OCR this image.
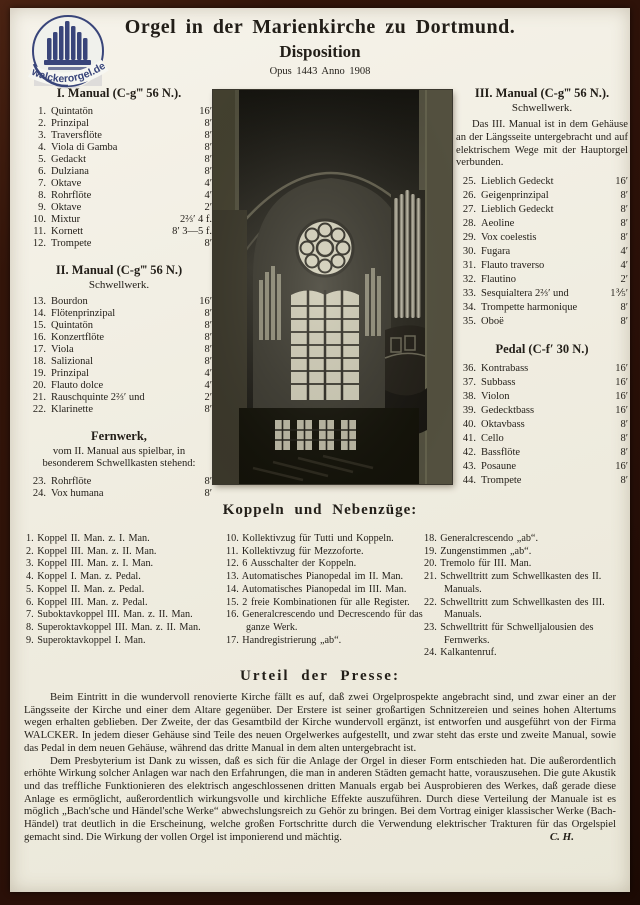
walckerorgel.de
Orgel in der Marienkirche zu Dortmund.
Disposition
Opus 1443 Anno 1908
I. Manual (C-g‴ 56 N.).
1. Quintatön	16′
2. Prinzipal	8′
3. Traversflöte	8′
4. Viola di Gamba	8′
5. Gedackt	8′
6. Dulziana	8′
7. Oktave	4′
8. Rohrflöte	4′
9. Oktave	2′
10. Mixtur	2⅔′ 4 f.
11. Kornett	8′ 3—5 f.
12. Trompete	8′
II. Manual (C-g‴ 56 N.)
Schwellwerk.
13. Bourdon	16′
14. Flötenprinzipal	8′
15. Quintatön	8′
16. Konzertflöte	8′
17. Viola	8′
18. Salizional	8′
19. Prinzipal	4′
20. Flauto dolce	4′
21. Rauschquinte 2⅔′ und	2′
22. Klarinette	8′
Fernwerk,
vom II. Manual aus spielbar, in besonderem Schwellkasten stehend:
23. Rohrflöte	8′
24. Vox humana	8′
III. Manual (C-g‴ 56 N.).
Schwellwerk.
Das III. Manual ist in dem Gehäuse an der Längsseite untergebracht und auf elektrischem Wege mit der Hauptorgel verbunden.
25. Lieblich Gedeckt	16′
26. Geigenprinzipal	8′
27. Lieblich Gedeckt	8′
28. Aeoline	8′
29. Vox coelestis	8′
30. Fugara	4′
31. Flauto traverso	4′
32. Flautino	2′
33. Sesquialtera 2⅔′ und	1⅗′
34. Trompette harmonique	8′
35. Oboë	8′
Pedal (C-f′ 30 N.)
36. Kontrabass	16′
37. Subbass	16′
38. Violon	16′
39. Gedecktbass	16′
40. Oktavbass	8′
41. Cello	8′
42. Bassflöte	8′
43. Posaune	16′
44. Trompete	8′
Koppeln und Nebenzüge:
1. Koppel II. Man. z. I. Man.
2. Koppel III. Man. z. II. Man.
3. Koppel III. Man. z. I. Man.
4. Koppel I. Man. z. Pedal.
5. Koppel II. Man. z. Pedal.
6. Koppel III. Man. z. Pedal.
7. Suboktavkoppel III. Man. z. II. Man.
8. Superoktavkoppel III. Man. z. II. Man.
9. Superoktavkoppel I. Man.
10. Kollektivzug für Tutti und Koppeln.
11. Kollektivzug für Mezzoforte.
12. 6 Ausschalter der Koppeln.
13. Automatisches Pianopedal im II. Man.
14. Automatisches Pianopedal im III. Man.
15. 2 freie Kombinationen für alle Register.
16. Generalcrescendo und Decrescendo für das ganze Werk.
17. Handregistrierung „ab“.
18. Generalcrescendo „ab“.
19. Zungenstimmen „ab“.
20. Tremolo für III. Man.
21. Schwelltritt zum Schwellkasten des II. Manuals.
22. Schwelltritt zum Schwellkasten des III. Manuals.
23. Schwelltritt für Schwelljalousien des Fernwerks.
24. Kalkantenruf.
Urteil der Presse:

Beim Eintritt in die wundervoll renovierte Kirche fällt es auf, daß zwei Orgelprospekte angebracht sind, und zwar einer an der Längsseite der Kirche und einer dem Altare gegenüber. Der Erstere ist seiner großartigen Schnitzereien und seines hohen Altertums wegen erhalten geblieben. Der Zweite, der das Gesamtbild der Kirche wundervoll ergänzt, ist entworfen und ausgeführt von der Firma WALCKER. In jedem dieser Gehäuse sind Teile des neuen Orgelwerkes aufgestellt, und zwar steht das erste und zweite Manual, sowie das Pedal in dem neuen Gehäuse, während das dritte Manual in dem alten untergebracht ist.

Dem Presbyterium ist Dank zu wissen, daß es sich für die Anlage der Orgel in dieser Form entschieden hat. Die außerordentlich erhöhte Wirkung solcher Anlagen war nach den Erfahrungen, die man in anderen Städten gemacht hatte, vorauszusehen. Die gute Akustik und das treffliche Funktionieren des elektrisch angeschlossenen dritten Manuals ergab bei Ausprobieren des Werkes, daß gerade diese Anlage es ermöglicht, außerordentlich wirkungsvolle und kirchliche Effekte auszuführen. Durch diese Verteilung der Manuale ist es möglich „Bach'sche und Händel'sche Werke“ abwechslungsreich zu Gehör zu bringen. Bei dem Vortrag einiger klassischer Werke (Bach-Händel) trat deutlich in die Erscheinung, welche großen Fortschritte durch die Verwendung elektrischer Trakturen für das Orgelspiel gemacht sind. Die Wirkung der vollen Orgel ist imponierend und mächtig.	C. H.
